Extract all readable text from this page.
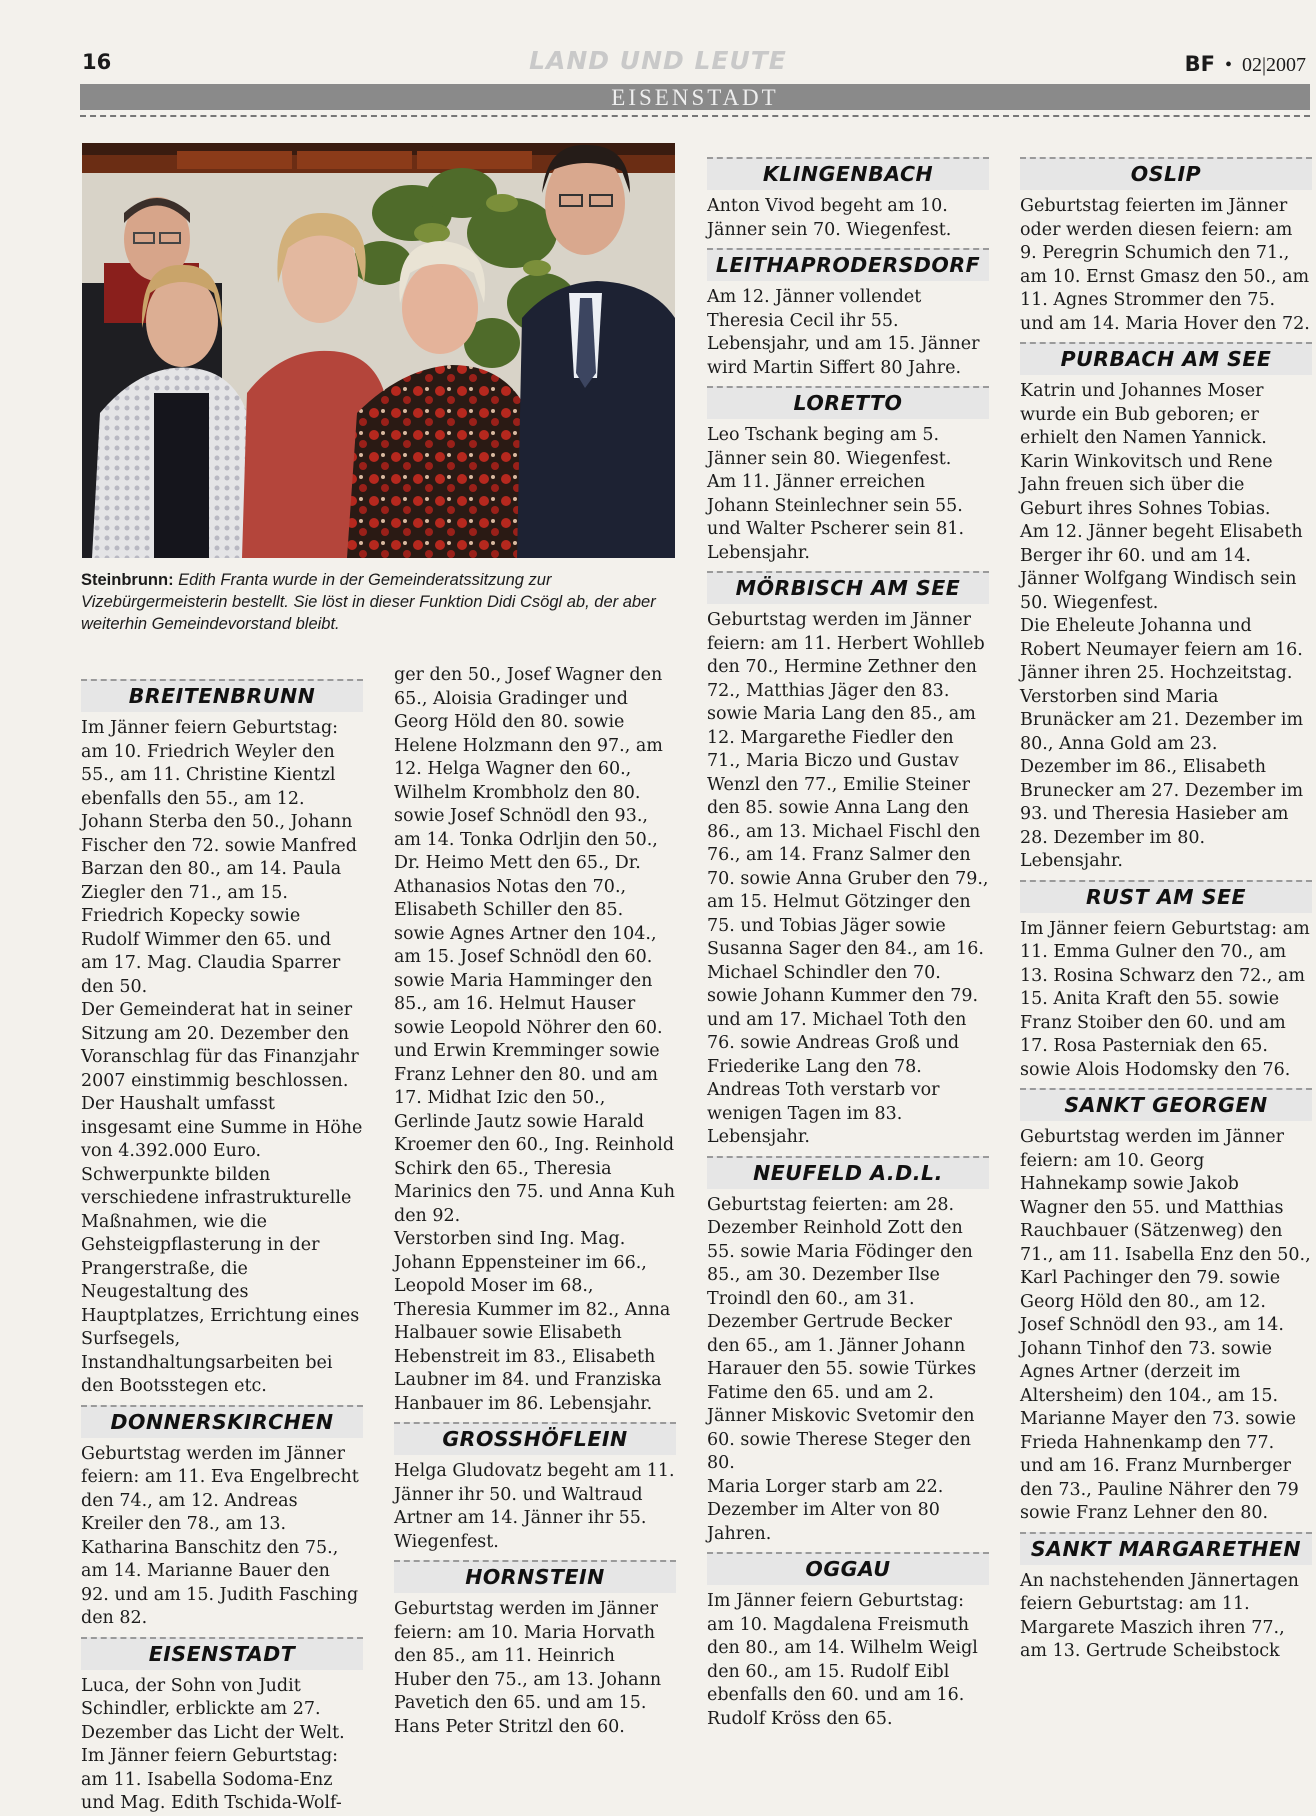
16	LAND UND LEUTE	BF  •  02|2007
EISENSTADT
Steinbrunn: Edith Franta wurde in der Gemeinderatssitzung zur Vizebürgermeisterin bestellt. Sie löst in dieser Funktion Didi Csögl ab, der aber weiterhin Gemeindevorstand bleibt.
BREITENBRUNN

Im Jänner feiern Geburtstag: am 10. Friedrich Weyler den 55., am 11. Christine Kientzl ebenfalls den 55., am 12. Johann Sterba den 50., Johann Fischer den 72. sowie Manfred Barzan den 80., am 14. Paula Ziegler den 71., am 15. Friedrich Kopecky sowie Rudolf Wimmer den 65. und am 17. Mag. Claudia Sparrer den 50.

Der Gemeinderat hat in seiner Sitzung am 20. Dezember den Voranschlag für das Finanzjahr 2007 einstimmig beschlossen. Der Haushalt umfasst insgesamt eine Summe in Höhe von 4.392.000 Euro. Schwerpunkte bilden verschiedene infrastrukturelle Maßnahmen, wie die Gehsteigpflasterung in der Prangerstraße, die Neugestaltung des Hauptplatzes, Errichtung eines Surfsegels, Instandhaltungsarbeiten bei den Bootsstegen etc.

DONNERSKIRCHEN

Geburtstag werden im Jänner feiern: am 11. Eva Engelbrecht den 74., am 12. Andreas Kreiler den 78., am 13. Katharina Banschitz den 75., am 14. Marianne Bauer den 92. und am 15. Judith Fasching den 82.

EISENSTADT

Luca, der Sohn von Judit Schindler, erblickte am 27. Dezember das Licht der Welt.

Im Jänner feiern Geburtstag: am 11. Isabella Sodoma-Enz und Mag. Edith Tschida-Wolf-

ger den 50., Josef Wagner den 65., Aloisia Gradinger und Georg Höld den 80. sowie Helene Holzmann den 97., am 12. Helga Wagner den 60., Wilhelm Krombholz den 80. sowie Josef Schnödl den 93., am 14. Tonka Odrljin den 50., Dr. Heimo Mett den 65., Dr. Athanasios Notas den 70., Elisabeth Schiller den 85. sowie Agnes Artner den 104., am 15. Josef Schnödl den 60. sowie Maria Hamminger den 85., am 16. Helmut Hauser sowie Leopold Nöhrer den 60. und Erwin Kremminger sowie Franz Lehner den 80. und am 17. Midhat Izic den 50., Gerlinde Jautz sowie Harald Kroemer den 60., Ing. Reinhold Schirk den 65., Theresia Marinics den 75. und Anna Kuh den 92.

Verstorben sind Ing. Mag. Johann Eppensteiner im 66., Leopold Moser im 68., Theresia Kummer im 82., Anna Halbauer sowie Elisabeth Hebenstreit im 83., Elisabeth Laubner im 84. und Franziska Hanbauer im 86. Lebensjahr.

GROSSHÖFLEIN

Helga Gludovatz begeht am 11. Jänner ihr 50. und Waltraud Artner am 14. Jänner ihr 55. Wiegenfest.

HORNSTEIN

Geburtstag werden im Jänner feiern: am 10. Maria Horvath den 85., am 11. Heinrich Huber den 75., am 13. Johann Pavetich den 65. und am 15. Hans Peter Stritzl den 60.

KLINGENBACH

Anton Vivod begeht am 10. Jänner sein 70. Wiegenfest.

LEITHAPRODERSDORF

Am 12. Jänner vollendet Theresia Cecil ihr 55. Lebensjahr, und am 15. Jänner wird Martin Siffert 80 Jahre.

LORETTO

Leo Tschank beging am 5. Jänner sein 80. Wiegenfest.

Am 11. Jänner erreichen Johann Steinlechner sein 55. und Walter Pscherer sein 81. Lebensjahr.

MÖRBISCH AM SEE

Geburtstag werden im Jänner feiern: am 11. Herbert Wohlleb den 70., Hermine Zethner den 72., Matthias Jäger den 83. sowie Maria Lang den 85., am 12. Margarethe Fiedler den 71., Maria Biczo und Gustav Wenzl den 77., Emilie Steiner den 85. sowie Anna Lang den 86., am 13. Michael Fischl den 76., am 14. Franz Salmer den 70. sowie Anna Gruber den 79., am 15. Helmut Götzinger den 75. und Tobias Jäger sowie Susanna Sager den 84., am 16. Michael Schindler den 70. sowie Johann Kummer den 79. und am 17. Michael Toth den 76. sowie Andreas Groß und Friederike Lang den 78.

Andreas Toth verstarb vor wenigen Tagen im 83. Lebensjahr.

NEUFELD A.D.L.

Geburtstag feierten: am 28. Dezember Reinhold Zott den 55. sowie Maria Födinger den 85., am 30. Dezember Ilse Troindl den 60., am 31. Dezember Gertrude Becker den 65., am 1. Jänner Johann Harauer den 55. sowie Türkes Fatime den 65. und am 2. Jänner Miskovic Svetomir den 60. sowie Therese Steger den 80.

Maria Lorger starb am 22. Dezember im Alter von 80 Jahren.

OGGAU

Im Jänner feiern Geburtstag: am 10. Magdalena Freismuth den 80., am 14. Wilhelm Weigl den 60., am 15. Rudolf Eibl ebenfalls den 60. und am 16. Rudolf Kröss den 65.

OSLIP

Geburtstag feierten im Jänner oder werden diesen feiern: am 9. Peregrin Schumich den 71., am 10. Ernst Gmasz den 50., am 11. Agnes Strommer den 75. und am 14. Maria Hover den 72.

PURBACH AM SEE

Katrin und Johannes Moser wurde ein Bub geboren; er erhielt den Namen Yannick. Karin Winkovitsch und Rene Jahn freuen sich über die Geburt ihres Sohnes Tobias.

Am 12. Jänner begeht Elisabeth Berger ihr 60. und am 14. Jänner Wolfgang Windisch sein 50. Wiegenfest.

Die Eheleute Johanna und Robert Neumayer feiern am 16. Jänner ihren 25. Hochzeitstag.

Verstorben sind Maria Brunäcker am 21. Dezember im 80., Anna Gold am 23. Dezember im 86., Elisabeth Brunecker am 27. Dezember im 93. und Theresia Hasieber am 28. Dezember im 80. Lebensjahr.

RUST AM SEE

Im Jänner feiern Geburtstag: am 11. Emma Gulner den 70., am 13. Rosina Schwarz den 72., am 15. Anita Kraft den 55. sowie Franz Stoiber den 60. und am 17. Rosa Pasterniak den 65. sowie Alois Hodomsky den 76.

SANKT GEORGEN

Geburtstag werden im Jänner feiern: am 10. Georg Hahnekamp sowie Jakob Wagner den 55. und Matthias Rauchbauer (Sätzenweg) den 71., am 11. Isabella Enz den 50., Karl Pachinger den 79. sowie Georg Höld den 80., am 12. Josef Schnödl den 93., am 14. Johann Tinhof den 73. sowie Agnes Artner (derzeit im Altersheim) den 104., am 15. Marianne Mayer den 73. sowie Frieda Hahnenkamp den 77. und am 16. Franz Murnberger den 73., Pauline Nährer den 79 sowie Franz Lehner den 80.

SANKT MARGARETHEN

An nachstehenden Jännertagen feiern Geburtstag: am 11. Margarete Maszich ihren 77., am 13. Gertrude Scheibstock
